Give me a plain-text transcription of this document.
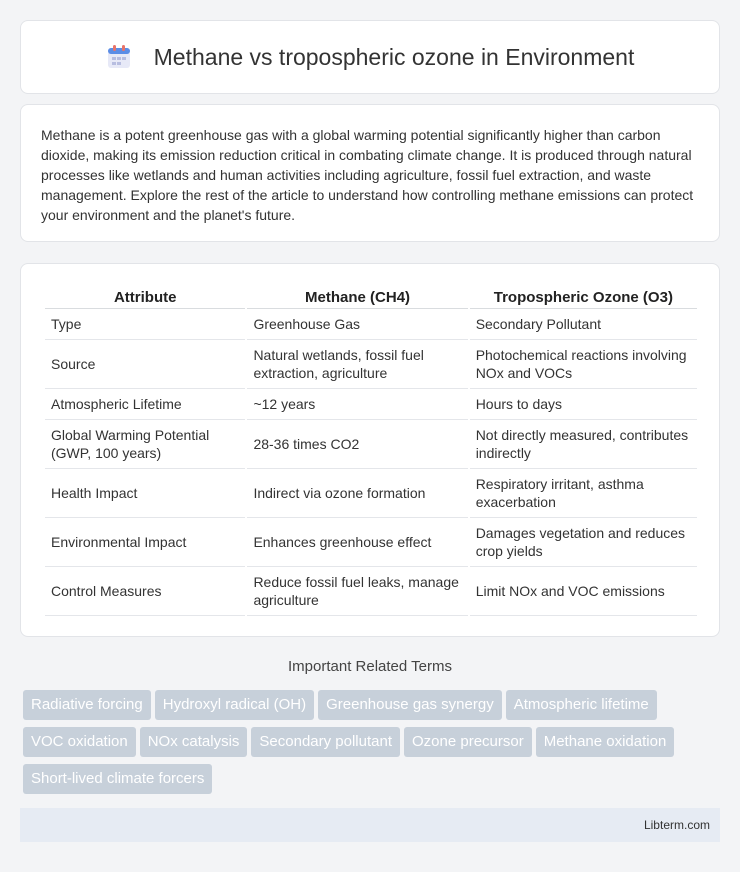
Methane vs tropospheric ozone in Environment

Methane is a potent greenhouse gas with a global warming potential significantly higher than carbon dioxide, making its emission reduction critical in combating climate change. It is produced through natural processes like wetlands and human activities including agriculture, fossil fuel extraction, and waste management. Explore the rest of the article to understand how controlling methane emissions can protect your environment and the planet's future.

Attribute	Methane (CH4)	Tropospheric Ozone (O3)
Type	Greenhouse Gas	Secondary Pollutant
Source	Natural wetlands, fossil fuel extraction, agriculture	Photochemical reactions involving NOx and VOCs
Atmospheric Lifetime	~12 years	Hours to days
Global Warming Potential (GWP, 100 years)	28-36 times CO2	Not directly measured, contributes indirectly
Health Impact	Indirect via ozone formation	Respiratory irritant, asthma exacerbation
Environmental Impact	Enhances greenhouse effect	Damages vegetation and reduces crop yields
Control Measures	Reduce fossil fuel leaks, manage agriculture	Limit NOx and VOC emissions
Important Related Terms
Radiative forcing Hydroxyl radical (OH) Greenhouse gas synergy Atmospheric lifetime
VOC oxidation NOx catalysis Secondary pollutant Ozone precursor Methane oxidation
Short-lived climate forcers
Libterm.com
